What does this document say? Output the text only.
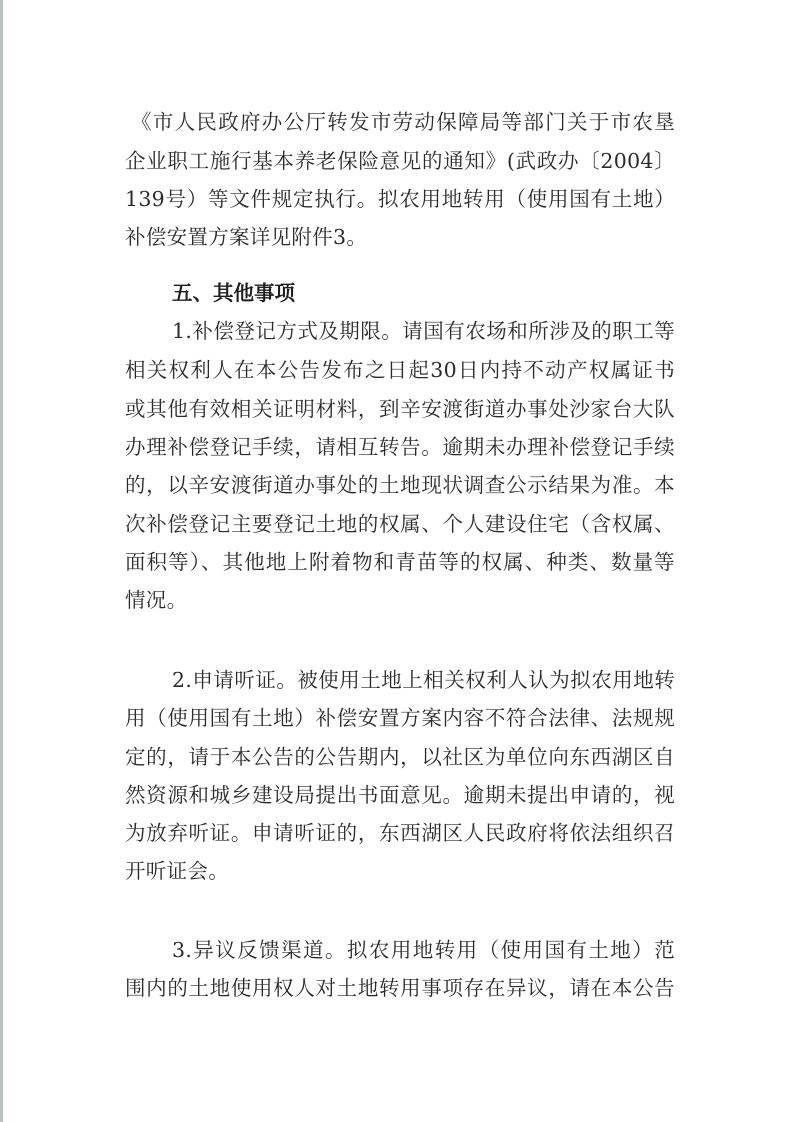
《市人民政府办公厅转发市劳动保障局等部门关于市农垦
企业职工施行基本养老保险意见的通知》(武政办〔2004〕
139号）等文件规定执行。拟农用地转用（使用国有土地）
补偿安置方案详见附件3。
五、其他事项
1.补偿登记方式及期限。请国有农场和所涉及的职工等
相关权利人在本公告发布之日起30日内持不动产权属证书
或其他有效相关证明材料，到辛安渡街道办事处沙家台大队
办理补偿登记手续，请相互转告。逾期未办理补偿登记手续
的，以辛安渡街道办事处的土地现状调查公示结果为准。本
次补偿登记主要登记土地的权属、个人建设住宅（含权属、
面积等）、其他地上附着物和青苗等的权属、种类、数量等
情况。
2.申请听证。被使用土地上相关权利人认为拟农用地转
用（使用国有土地）补偿安置方案内容不符合法律、法规规
定的，请于本公告的公告期内，以社区为单位向东西湖区自
然资源和城乡建设局提出书面意见。逾期未提出申请的，视
为放弃听证。申请听证的，东西湖区人民政府将依法组织召
开听证会。
3.异议反馈渠道。拟农用地转用（使用国有土地）范
围内的土地使用权人对土地转用事项存在异议，请在本公告
